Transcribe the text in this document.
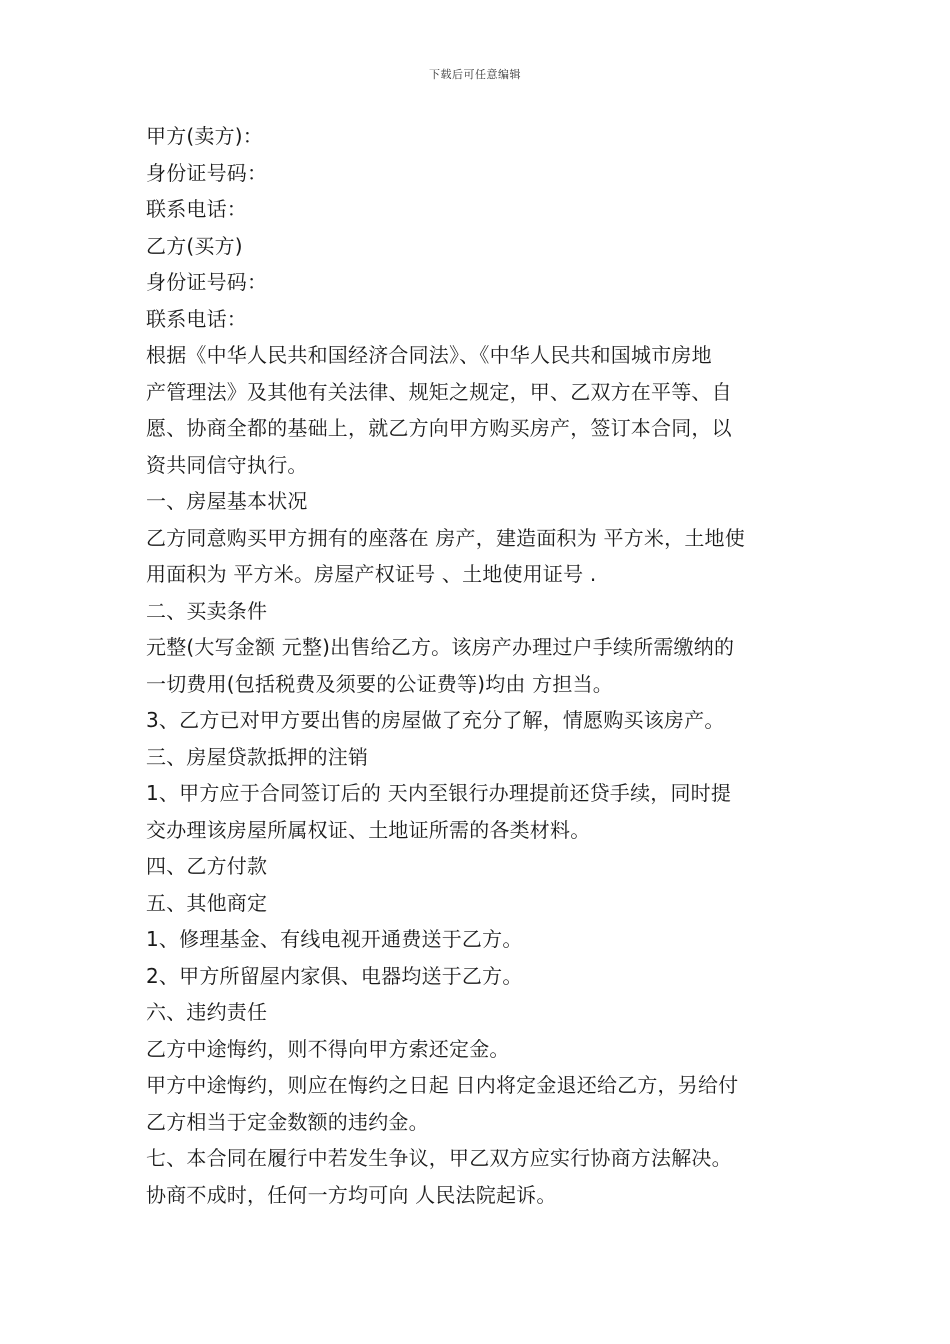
下载后可任意编辑
甲方(卖方)：
身份证号码：
联系电话：
乙方(买方)
身份证号码：
联系电话：
根据《中华人民共和国经济合同法》、《中华人民共和国城市房地
产管理法》及其他有关法律、规矩之规定，甲、乙双方在平等、自
愿、协商全都的基础上，就乙方向甲方购买房产，签订本合同，以
资共同信守执行。
一、房屋基本状况
乙方同意购买甲方拥有的座落在 房产，建造面积为 平方米，土地使
用面积为 平方米。房屋产权证号 、土地使用证号 .
二、买卖条件
元整(大写金额 元整)出售给乙方。该房产办理过户手续所需缴纳的
一切费用(包括税费及须要的公证费等)均由 方担当。
3、乙方已对甲方要出售的房屋做了充分了解，情愿购买该房产。
三、房屋贷款抵押的注销
1、甲方应于合同签订后的 天内至银行办理提前还贷手续，同时提
交办理该房屋所属权证、土地证所需的各类材料。
四、乙方付款
五、其他商定
1、修理基金、有线电视开通费送于乙方。
2、甲方所留屋内家俱、电器均送于乙方。
六、违约责任
乙方中途悔约，则不得向甲方索还定金。
甲方中途悔约，则应在悔约之日起 日内将定金退还给乙方，另给付
乙方相当于定金数额的违约金。
七、本合同在履行中若发生争议，甲乙双方应实行协商方法解决。
协商不成时，任何一方均可向 人民法院起诉。
